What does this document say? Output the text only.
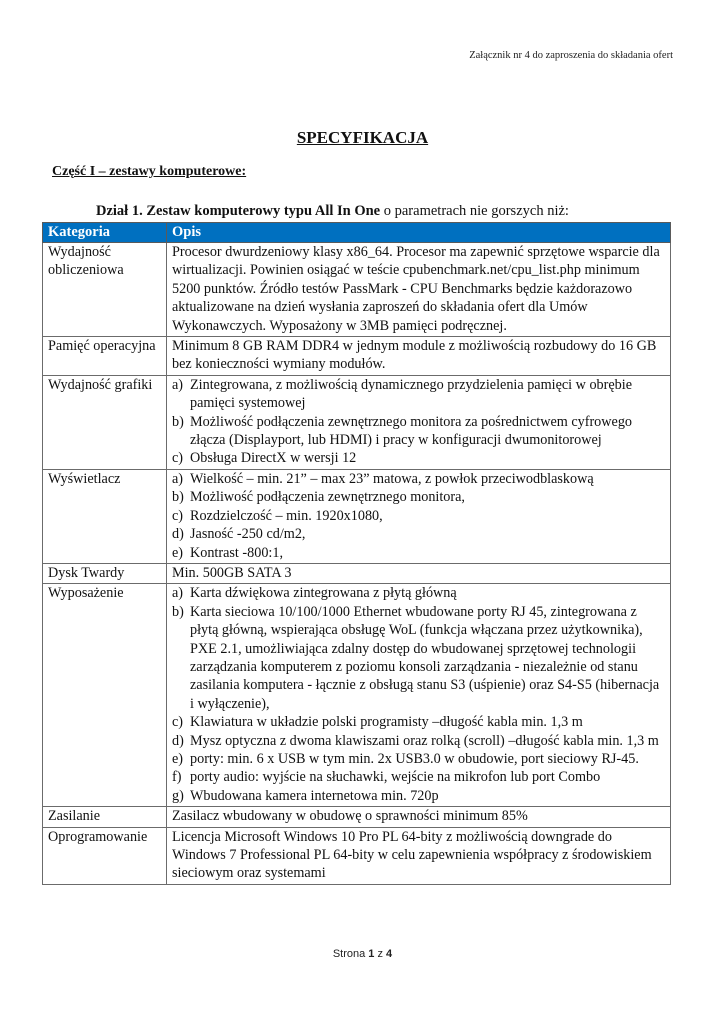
Załącznik nr 4 do zaproszenia do składania ofert
SPECYFIKACJA
Część I – zestawy komputerowe:
Dział 1. Zestaw komputerowy typu All In One o parametrach nie gorszych niż:
Kategoria	Opis
Wydajność obliczeniowa	Procesor dwurdzeniowy klasy x86_64. Procesor ma zapewnić sprzętowe wsparcie dla wirtualizacji. Powinien osiągać w teście cpubenchmark.net/cpu_list.php minimum 5200 punktów. Źródło testów PassMark - CPU Benchmarks będzie każdorazowo aktualizowane na dzień wysłania zaproszeń do składania ofert dla Umów Wykonawczych. Wyposażony w 3MB pamięci podręcznej.
Pamięć operacyjna	Minimum 8 GB RAM DDR4 w jednym module z możliwością rozbudowy do 16 GB bez konieczności wymiany modułów.
Wydajność grafiki	a) Zintegrowana, z możliwością dynamicznego przydzielenia pamięci w obrębie pamięci systemowej
b) Możliwość podłączenia zewnętrznego monitora za pośrednictwem cyfrowego złącza (Displayport, lub HDMI) i pracy w konfiguracji dwumonitorowej
c) Obsługa DirectX w wersji 12

Wyświetlacz	a) Wielkość – min. 21” – max 23” matowa, z powłok przeciwodblaskową
b) Możliwość podłączenia zewnętrznego monitora,
c) Rozdzielczość – min. 1920x1080,
d) Jasność -250 cd/m2,
e) Kontrast -800:1,

Dysk Twardy	Min. 500GB SATA 3
Wyposażenie	a) Karta dźwiękowa zintegrowana z płytą główną
b) Karta sieciowa 10/100/1000 Ethernet wbudowane porty RJ 45, zintegrowana z płytą główną, wspierająca obsługę WoL (funkcja włączana przez użytkownika), PXE 2.1, umożliwiająca zdalny dostęp do wbudowanej sprzętowej technologii zarządzania komputerem z poziomu konsoli zarządzania - niezależnie od stanu zasilania komputera - łącznie z obsługą stanu S3 (uśpienie) oraz S4-S5 (hibernacja i wyłączenie),
c) Klawiatura w układzie polski programisty –długość kabla min. 1,3 m
d) Mysz optyczna z dwoma klawiszami oraz rolką (scroll) –długość kabla min. 1,3 m
e) porty: min. 6 x USB w tym min. 2x USB3.0 w obudowie, port sieciowy RJ-45.
f) porty audio: wyjście na słuchawki, wejście na mikrofon lub port Combo
g) Wbudowana kamera internetowa min. 720p

Zasilanie	Zasilacz wbudowany w obudowę o sprawności minimum 85%
Oprogramowanie	Licencja Microsoft Windows 10 Pro PL 64-bity z możliwością downgrade do Windows 7 Professional PL 64-bity w celu zapewnienia współpracy z środowiskiem sieciowym oraz systemami
Strona 1 z 4
